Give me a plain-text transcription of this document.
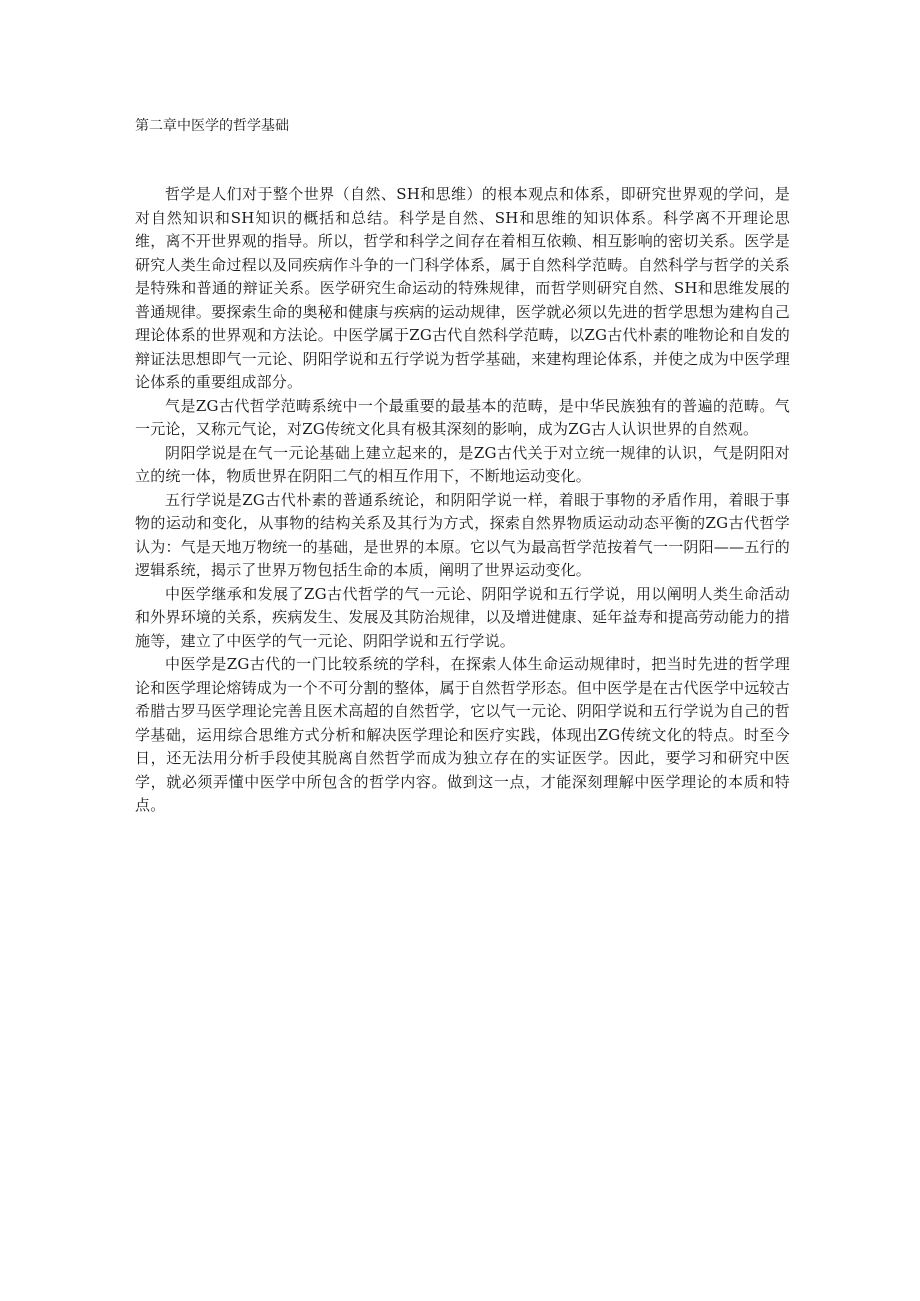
第二章中医学的哲学基础

哲学是人们对于整个世界（自然、SH和思维）的根本观点和体系，即研究世界观的学问，是对自然知识和SH知识的概括和总结。科学是自然、SH和思维的知识体系。科学离不开理论思维，离不开世界观的指导。所以，哲学和科学之间存在着相互依赖、相互影响的密切关系。医学是研究人类生命过程以及同疾病作斗争的一门科学体系，属于自然科学范畴。自然科学与哲学的关系是特殊和普通的辩证关系。医学研究生命运动的特殊规律，而哲学则研究自然、SH和思维发展的普通规律。要探索生命的奥秘和健康与疾病的运动规律，医学就必须以先进的哲学思想为建构自己理论体系的世界观和方法论。中医学属于ZG古代自然科学范畴，以ZG古代朴素的唯物论和自发的辩证法思想即气一元论、阴阳学说和五行学说为哲学基础，来建构理论体系，并使之成为中医学理论体系的重要组成部分。

气是ZG古代哲学范畴系统中一个最重要的最基本的范畴，是中华民族独有的普遍的范畴。气一元论，又称元气论，对ZG传统文化具有极其深刻的影响，成为ZG古人认识世界的自然观。

阴阳学说是在气一元论基础上建立起来的，是ZG古代关于对立统一规律的认识，气是阴阳对立的统一体，物质世界在阴阳二气的相互作用下，不断地运动变化。

五行学说是ZG古代朴素的普通系统论，和阴阳学说一样，着眼于事物的矛盾作用，着眼于事物的运动和变化，从事物的结构关系及其行为方式，探索自然界物质运动动态平衡的ZG古代哲学认为：气是天地万物统一的基础，是世界的本原。它以气为最高哲学范按着气一一阴阳——五行的逻辑系统，揭示了世界万物包括生命的本质，阐明了世界运动变化。

中医学继承和发展了ZG古代哲学的气一元论、阴阳学说和五行学说，用以阐明人类生命活动和外界环境的关系，疾病发生、发展及其防治规律，以及增进健康、延年益寿和提高劳动能力的措施等，建立了中医学的气一元论、阴阳学说和五行学说。

中医学是ZG古代的一门比较系统的学科，在探索人体生命运动规律时，把当时先进的哲学理论和医学理论熔铸成为一个不可分割的整体，属于自然哲学形态。但中医学是在古代医学中远较古希腊古罗马医学理论完善且医术高超的自然哲学，它以气一元论、阴阳学说和五行学说为自己的哲学基础，运用综合思维方式分析和解决医学理论和医疗实践，体现出ZG传统文化的特点。时至今日，还无法用分析手段使其脱离自然哲学而成为独立存在的实证医学。因此，要学习和研究中医学，就必须弄懂中医学中所包含的哲学内容。做到这一点，才能深刻理解中医学理论的本质和特点。
